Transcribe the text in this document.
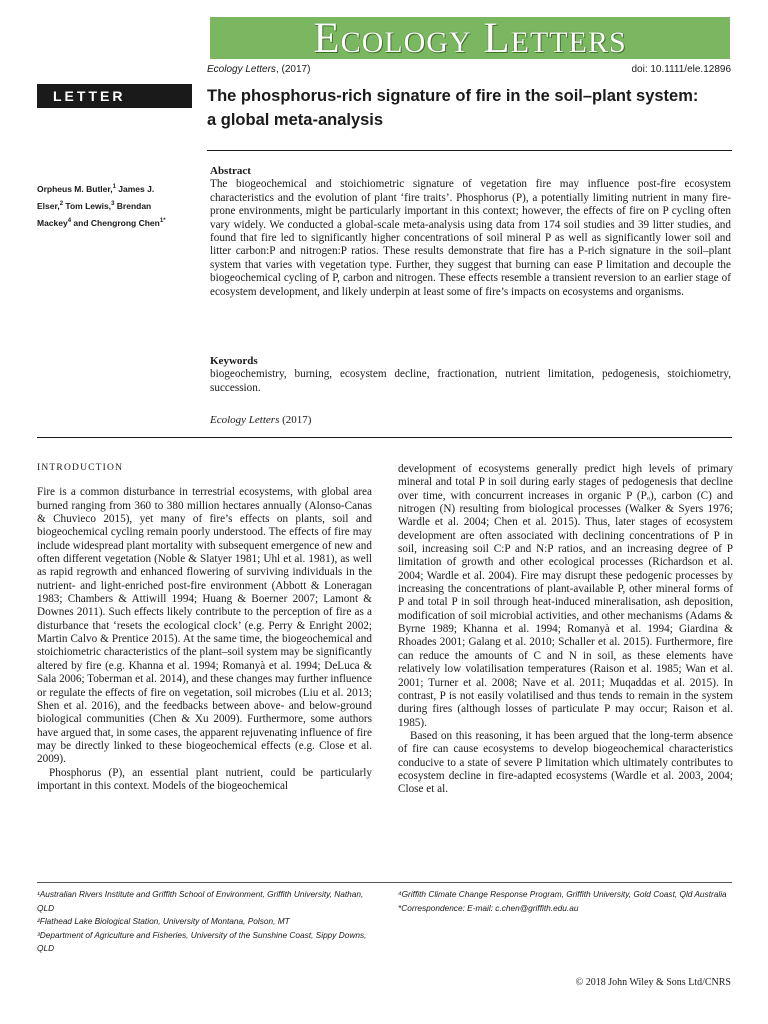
Ecology Letters
Ecology Letters, (2017)	doi: 10.1111/ele.12896
LETTER	The phosphorus-rich signature of fire in the soil–plant system:
a global meta-analysis
Orpheus M. Butler,$^1$ James J.
Elser,$^2$ Tom Lewis,$^3$ Brendan
Mackey$^4$ and Chengrong Chen$^{1*}$
Abstract
The biogeochemical and stoichiometric signature of vegetation fire may influence post-fire ecosystem characteristics and the evolution of plant ‘fire traits’. Phosphorus (P), a potentially limiting nutrient in many fire-prone environments, might be particularly important in this context; however, the effects of fire on P cycling often vary widely. We conducted a global-scale meta-analysis using data from 174 soil studies and 39 litter studies, and found that fire led to significantly higher concentrations of soil mineral P as well as significantly lower soil and litter carbon:P and nitrogen:P ratios. These results demonstrate that fire has a P-rich signature in the soil–plant system that varies with vegetation type. Further, they suggest that burning can ease P limitation and decouple the biogeochemical cycling of P, carbon and nitrogen. These effects resemble a transient reversion to an earlier stage of ecosystem development, and likely underpin at least some of fire’s impacts on ecosystems and organisms.
Keywords
biogeochemistry, burning, ecosystem decline, fractionation, nutrient limitation, pedogenesis, stoichiometry, succession.
Ecology Letters (2017)

INTRODUCTION

Fire is a common disturbance in terrestrial ecosystems, with global area burned ranging from 360 to 380 million hectares annually (Alonso-Canas & Chuvieco 2015), yet many of fire’s effects on plants, soil and biogeochemical cycling remain poorly understood. The effects of fire may include widespread plant mortality with subsequent emergence of new and often different vegetation (Noble & Slatyer 1981; Uhl et al. 1981), as well as rapid regrowth and enhanced flowering of surviving individuals in the nutrient- and light-enriched post-fire environment (Abbott & Loneragan 1983; Chambers & Attiwill 1994; Huang & Boerner 2007; Lamont & Downes 2011). Such effects likely contribute to the perception of fire as a disturbance that ‘resets the ecological clock’ (e.g. Perry & Enright 2002; Martin Calvo & Prentice 2015). At the same time, the biogeochemical and stoichiometric characteristics of the plant–soil system may be significantly altered by fire (e.g. Khanna et al. 1994; Romanyà et al. 1994; DeLuca & Sala 2006; Toberman et al. 2014), and these changes may further influence or regulate the effects of fire on vegetation, soil microbes (Liu et al. 2013; Shen et al. 2016), and the feedbacks between above- and below-ground biological communities (Chen & Xu 2009). Furthermore, some authors have argued that, in some cases, the apparent rejuvenating influence of fire may be directly linked to these biogeochemical effects (e.g. Close et al. 2009).

Phosphorus (P), an essential plant nutrient, could be particularly important in this context. Models of the biogeochemical

development of ecosystems generally predict high levels of primary mineral and total P in soil during early stages of pedogenesis that decline over time, with concurrent increases in organic P (Pₒ), carbon (C) and nitrogen (N) resulting from biological processes (Walker & Syers 1976; Wardle et al. 2004; Chen et al. 2015). Thus, later stages of ecosystem development are often associated with declining concentrations of P in soil, increasing soil C:P and N:P ratios, and an increasing degree of P limitation of growth and other ecological processes (Richardson et al. 2004; Wardle et al. 2004). Fire may disrupt these pedogenic processes by increasing the concentrations of plant-available P, other mineral forms of P and total P in soil through heat-induced mineralisation, ash deposition, modification of soil microbial activities, and other mechanisms (Adams & Byrne 1989; Khanna et al. 1994; Romanyà et al. 1994; Giardina & Rhoades 2001; Galang et al. 2010; Schaller et al. 2015). Furthermore, fire can reduce the amounts of C and N in soil, as these elements have relatively low volatilisation temperatures (Raison et al. 1985; Wan et al. 2001; Turner et al. 2008; Nave et al. 2011; Muqaddas et al. 2015). In contrast, P is not easily volatilised and thus tends to remain in the system during fires (although losses of particulate P may occur; Raison et al. 1985).

Based on this reasoning, it has been argued that the long-term absence of fire can cause ecosystems to develop biogeochemical characteristics conducive to a state of severe P limitation which ultimately contributes to ecosystem decline in fire-adapted ecosystems (Wardle et al. 2003, 2004; Close et al.

¹Australian Rivers Institute and Griffith School of Environment, Griffith University, Nathan, QLD

²Flathead Lake Biological Station, University of Montana, Polson, MT

³Department of Agriculture and Fisheries, University of the Sunshine Coast, Sippy Downs, QLD

⁴Griffith Climate Change Response Program, Griffith University, Gold Coast, Qld Australia

*Correspondence: E-mail: c.chen@griffith.edu.au

© 2018 John Wiley & Sons Ltd/CNRS
